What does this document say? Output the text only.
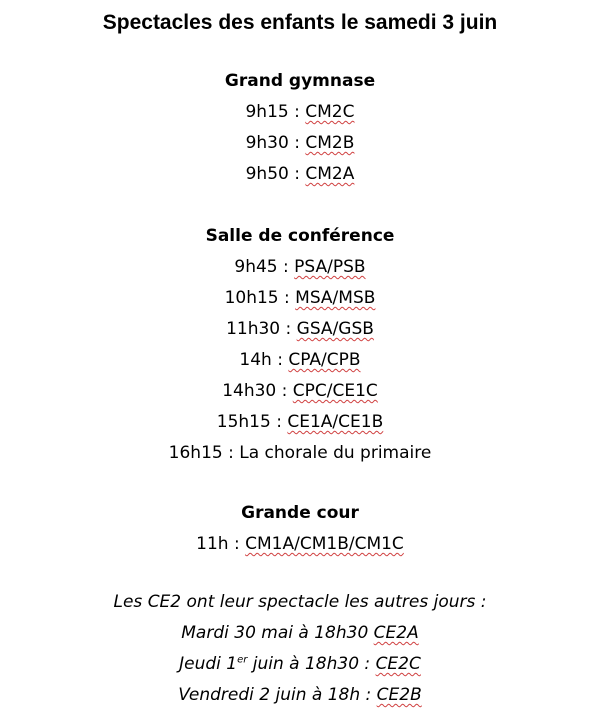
Spectacles des enfants le samedi 3 juin
Grand gymnase
9h15 : CM2C
9h30 : CM2B
9h50 : CM2A
Salle de conférence
9h45 : PSA/PSB
10h15 : MSA/MSB
11h30 : GSA/GSB
14h : CPA/CPB
14h30 : CPC/CE1C
15h15 : CE1A/CE1B
16h15 : La chorale du primaire
Grande cour
11h : CM1A/CM1B/CM1C
Les CE2 ont leur spectacle les autres jours :
Mardi 30 mai à 18h30 CE2A
Jeudi 1er juin à 18h30 : CE2C
Vendredi 2 juin à 18h : CE2B
